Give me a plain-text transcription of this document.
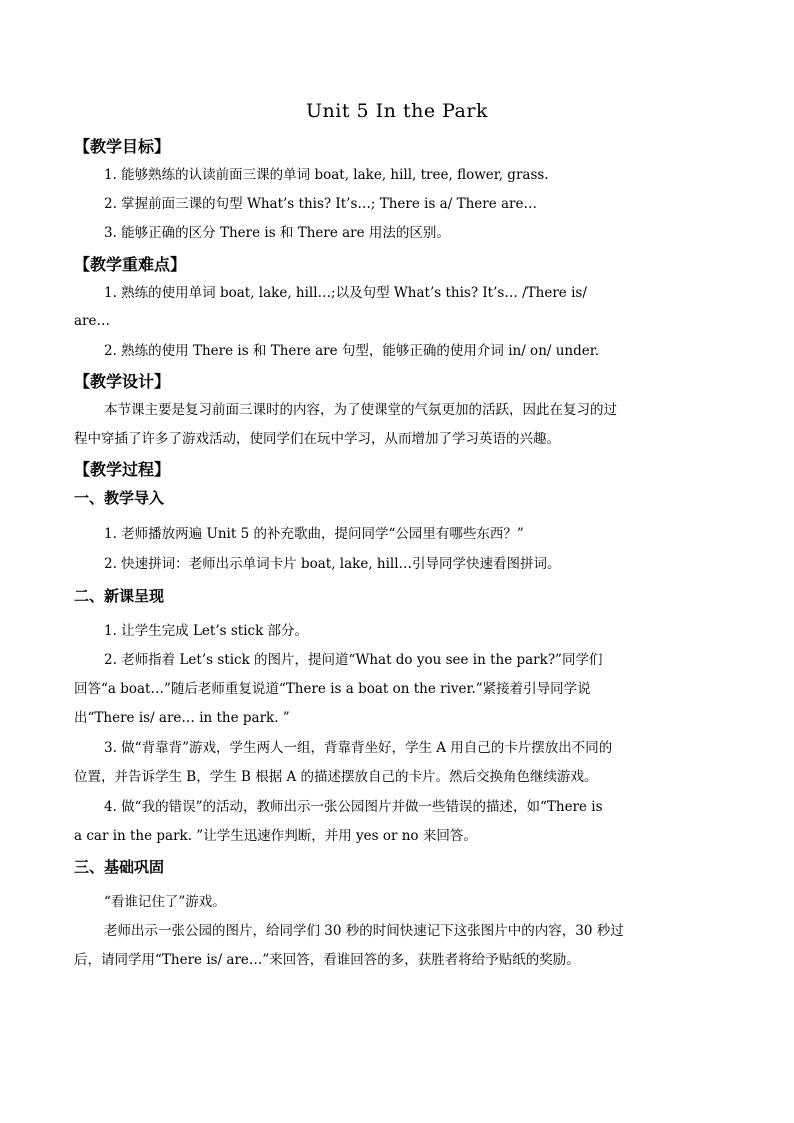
Unit 5 In the Park
【教学目标】
1. 能够熟练的认读前面三课的单词 boat, lake, hill, tree, flower, grass.
2. 掌握前面三课的句型 What’s this? It’s…; There is a/ There are…
3. 能够正确的区分 There is 和 There are 用法的区别。
【教学重难点】
1. 熟练的使用单词 boat, lake, hill…;以及句型 What’s this? It’s… /There is/
are…
2. 熟练的使用 There is 和 There are 句型，能够正确的使用介词 in/ on/ under.
【教学设计】
本节课主要是复习前面三课时的内容，为了使课堂的气氛更加的活跃，因此在复习的过
程中穿插了许多了游戏活动，使同学们在玩中学习，从而增加了学习英语的兴趣。
【教学过程】
一、教学导入
1. 老师播放两遍 Unit 5 的补充歌曲，提问同学“公园里有哪些东西？”
2. 快速拼词：老师出示单词卡片 boat, lake, hill…引导同学快速看图拼词。
二、新课呈现
1. 让学生完成 Let’s stick 部分。
2. 老师指着 Let’s stick 的图片，提问道“What do you see in the park?”同学们
回答“a boat…”随后老师重复说道“There is a boat on the river.”紧接着引导同学说
出“There is/ are… in the park. ”
3. 做“背靠背”游戏，学生两人一组，背靠背坐好，学生 A 用自己的卡片摆放出不同的
位置，并告诉学生 B，学生 B 根据 A 的描述摆放自己的卡片。然后交换角色继续游戏。
4. 做“我的错误”的活动，教师出示一张公园图片并做一些错误的描述，如“There is
a car in the park. ”让学生迅速作判断，并用 yes or no 来回答。
三、基础巩固
“看谁记住了”游戏。
老师出示一张公园的图片，给同学们 30 秒的时间快速记下这张图片中的内容，30 秒过
后，请同学用“There is/ are…”来回答，看谁回答的多，获胜者将给予贴纸的奖励。
